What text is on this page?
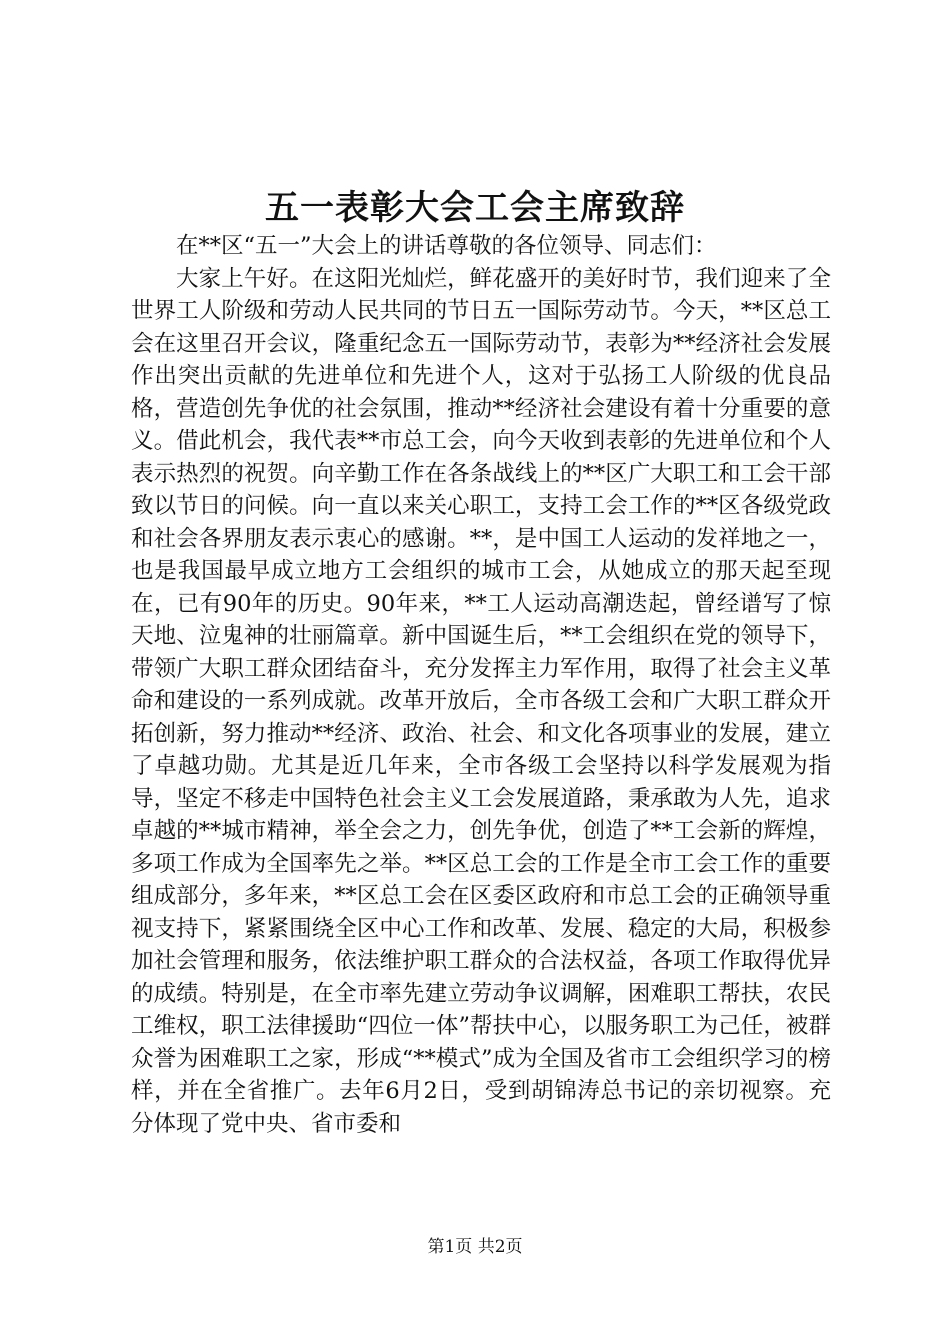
五一表彰大会工会主席致辞

在**区“五一”大会上的讲话尊敬的各位领导、同志们：

大家上午好。在这阳光灿烂，鲜花盛开的美好时节，我们迎来了全世界工人阶级和劳动人民共同的节日五一国际劳动节。今天，**区总工会在这里召开会议，隆重纪念五一国际劳动节，表彰为**经济社会发展作出突出贡献的先进单位和先进个人，这对于弘扬工人阶级的优良品格，营造创先争优的社会氛围，推动**经济社会建设有着十分重要的意义。借此机会，我代表**市总工会，向今天收到表彰的先进单位和个人表示热烈的祝贺。向辛勤工作在各条战线上的**区广大职工和工会干部致以节日的问候。向一直以来关心职工，支持工会工作的**区各级党政和社会各界朋友表示衷心的感谢。**，是中国工人运动的发祥地之一，也是我国最早成立地方工会组织的城市工会，从她成立的那天起至现在，已有90年的历史。90年来，**工人运动高潮迭起，曾经谱写了惊天地、泣鬼神的壮丽篇章。新中国诞生后，**工会组织在党的领导下，带领广大职工群众团结奋斗，充分发挥主力军作用，取得了社会主义革命和建设的一系列成就。改革开放后，全市各级工会和广大职工群众开拓创新，努力推动**经济、政治、社会、和文化各项事业的发展，建立了卓越功勋。尤其是近几年来，全市各级工会坚持以科学发展观为指导，坚定不移走中国特色社会主义工会发展道路，秉承敢为人先，追求卓越的**城市精神，举全会之力，创先争优，创造了**工会新的辉煌，多项工作成为全国率先之举。**区总工会的工作是全市工会工作的重要组成部分，多年来，**区总工会在区委区政府和市总工会的正确领导重视支持下，紧紧围绕全区中心工作和改革、发展、稳定的大局，积极参加社会管理和服务，依法维护职工群众的合法权益，各项工作取得优异的成绩。特别是，在全市率先建立劳动争议调解，困难职工帮扶，农民工维权，职工法律援助“四位一体”帮扶中心，以服务职工为己任，被群众誉为困难职工之家，形成“**模式”成为全国及省市工会组织学习的榜样，并在全省推广。去年6月2日，受到胡锦涛总书记的亲切视察。充分体现了党中央、省市委和

第1页 共2页
